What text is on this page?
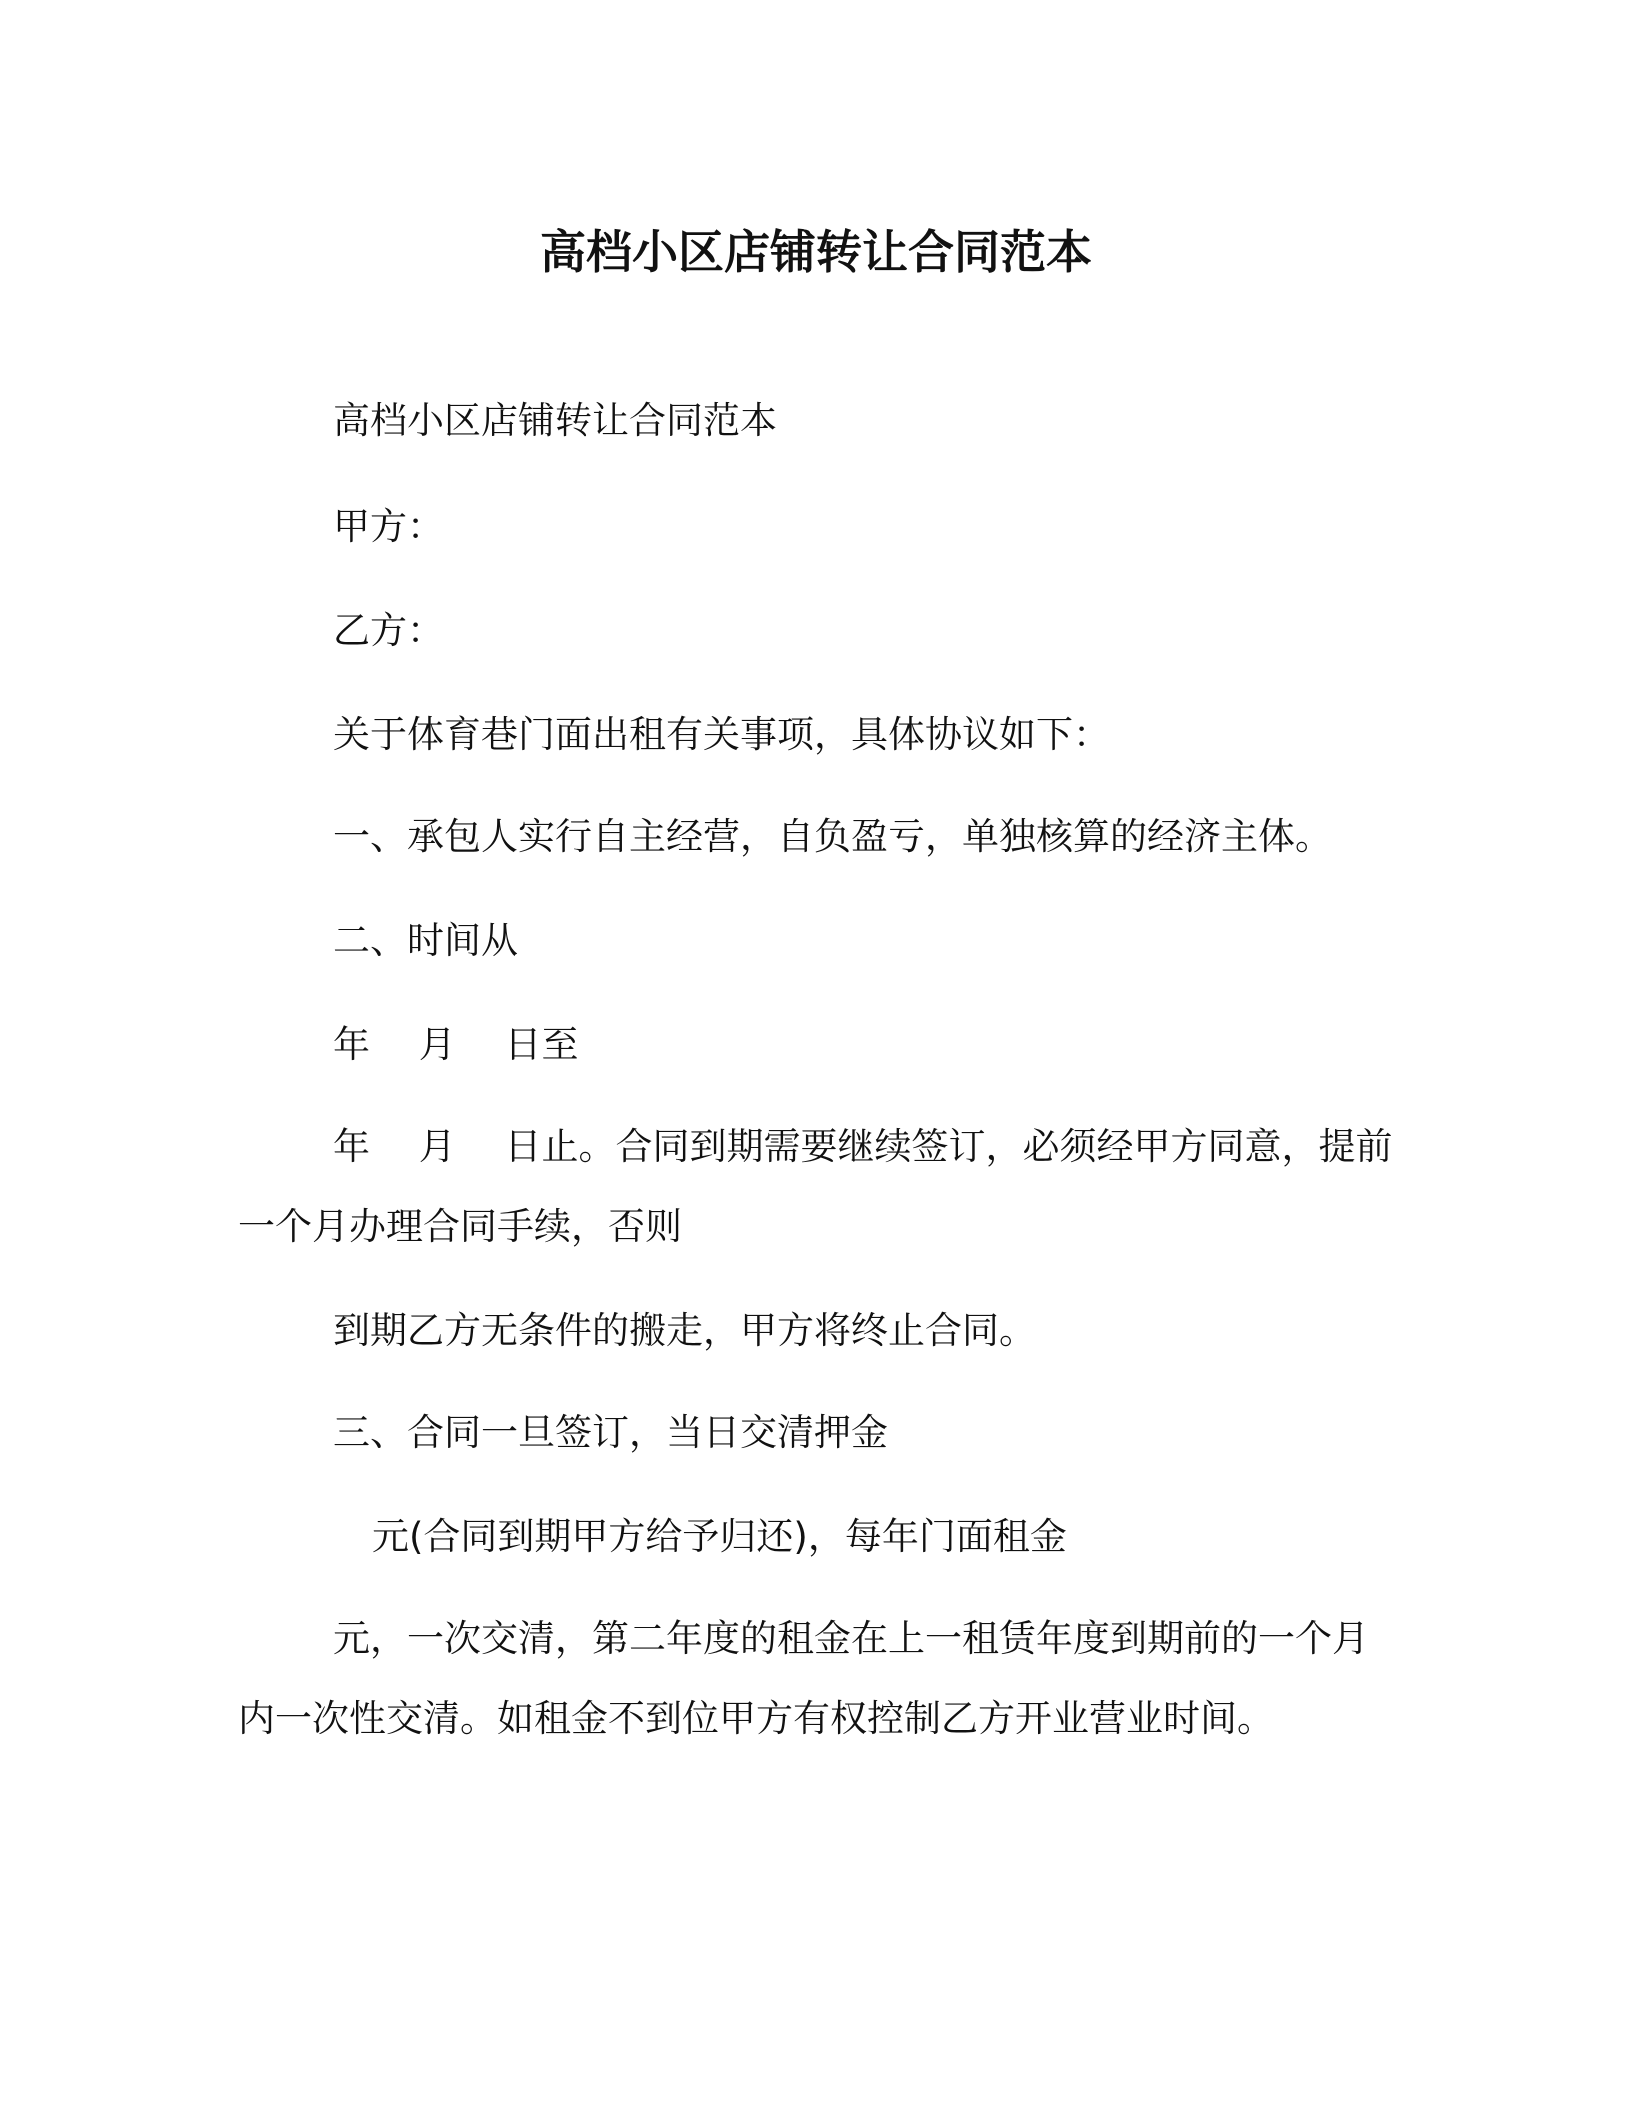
高档小区店铺转让合同范本
高档小区店铺转让合同范本
甲方：
乙方：
关于体育巷门面出租有关事项，具体协议如下：
一、承包人实行自主经营，自负盈亏，单独核算的经济主体。
二、时间从
年　 月　 日至
年　 月　 日止。合同到期需要继续签订，必须经甲方同意，提前
一个月办理合同手续，否则
到期乙方无条件的搬走，甲方将终止合同。
三、合同一旦签订，当日交清押金
元(合同到期甲方给予归还)，每年门面租金
元，一次交清，第二年度的租金在上一租赁年度到期前的一个月
内一次性交清。如租金不到位甲方有权控制乙方开业营业时间。
